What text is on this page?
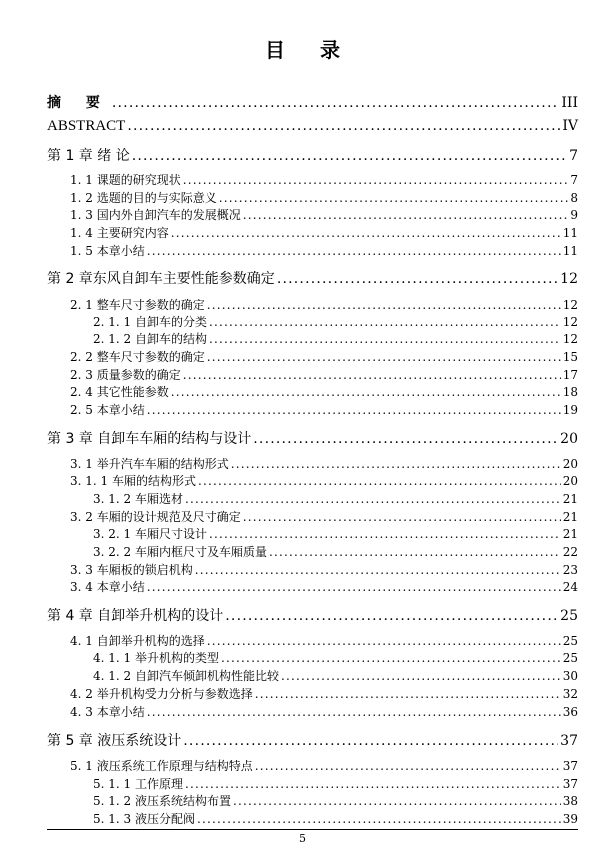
目 录
摘 要 .....	III
ABSTRACT .....	IV
第 1 章 绪 论 .....	7
1. 1 课题的研究现状 .....	7
1. 2 选题的目的与实际意义 .....	8
1. 3 国内外自卸汽车的发展概况 .....	9
1. 4 主要研究内容 .....	11
1. 5 本章小结 .....	11
第 2 章东风自卸车主要性能参数确定 .....	12
2. 1 整车尺寸参数的确定 .....	12
2. 1. 1 自卸车的分类 .....	12
2. 1. 2 自卸车的结构 .....	12
2. 2 整车尺寸参数的确定 .....	15
2. 3 质量参数的确定 .....	17
2. 4 其它性能参数 .....	18
2. 5 本章小结 .....	19
第 3 章 自卸车车厢的结构与设计 .....	20
3. 1 举升汽车车厢的结构形式 .....	20
3. 1. 1 车厢的结构形式 .....	20
3. 1. 2 车厢选材 .....	21
3. 2 车厢的设计规范及尺寸确定 .....	21
3. 2. 1 车厢尺寸设计 .....	21
3. 2. 2 车厢内框尺寸及车厢质量 .....	22
3. 3 车厢板的锁启机构 .....	23
3. 4 本章小结 .....	24
第 4 章 自卸举升机构的设计 .....	25
4. 1 自卸举升机构的选择 .....	25
4. 1. 1 举升机构的类型 .....	25
4. 1. 2 自卸汽车倾卸机构性能比较 .....	30
4. 2 举升机构受力分析与参数选择 .....	32
4. 3 本章小结 .....	36
第 5 章 液压系统设计 .....	37
5. 1 液压系统工作原理与结构特点 .....	37
5. 1. 1 工作原理 .....	37
5. 1. 2 液压系统结构布置 .....	38
5. 1. 3 液压分配阀 .....	39
5
